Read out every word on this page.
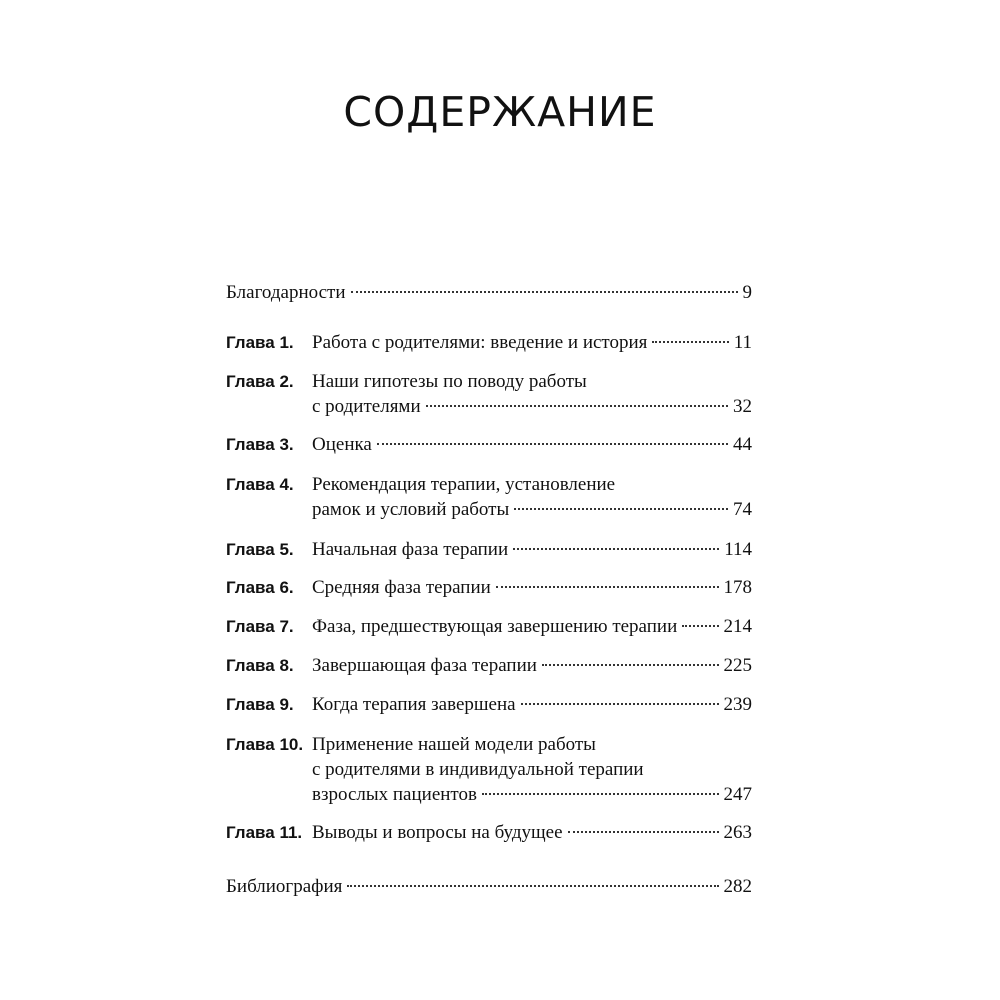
СОДЕРЖАНИЕ
Благодарности	9
Глава 1. Работа с родителями: введение и история	11
Глава 2. Наши гипотезы по поводу работы
с родителями	32
Глава 3. Оценка	44
Глава 4. Рекомендация терапии, установление
рамок и условий работы	74
Глава 5. Начальная фаза терапии	114
Глава 6. Средняя фаза терапии	178
Глава 7. Фаза, предшествующая завершению терапии 214
Глава 8. Завершающая фаза терапии	225
Глава 9. Когда терапия завершена	239
Глава 10. Применение нашей модели работы
с родителями в индивидуальной терапии
взрослых пациентов	247
Глава 11. Выводы и вопросы на будущее	263
Библиография	282
